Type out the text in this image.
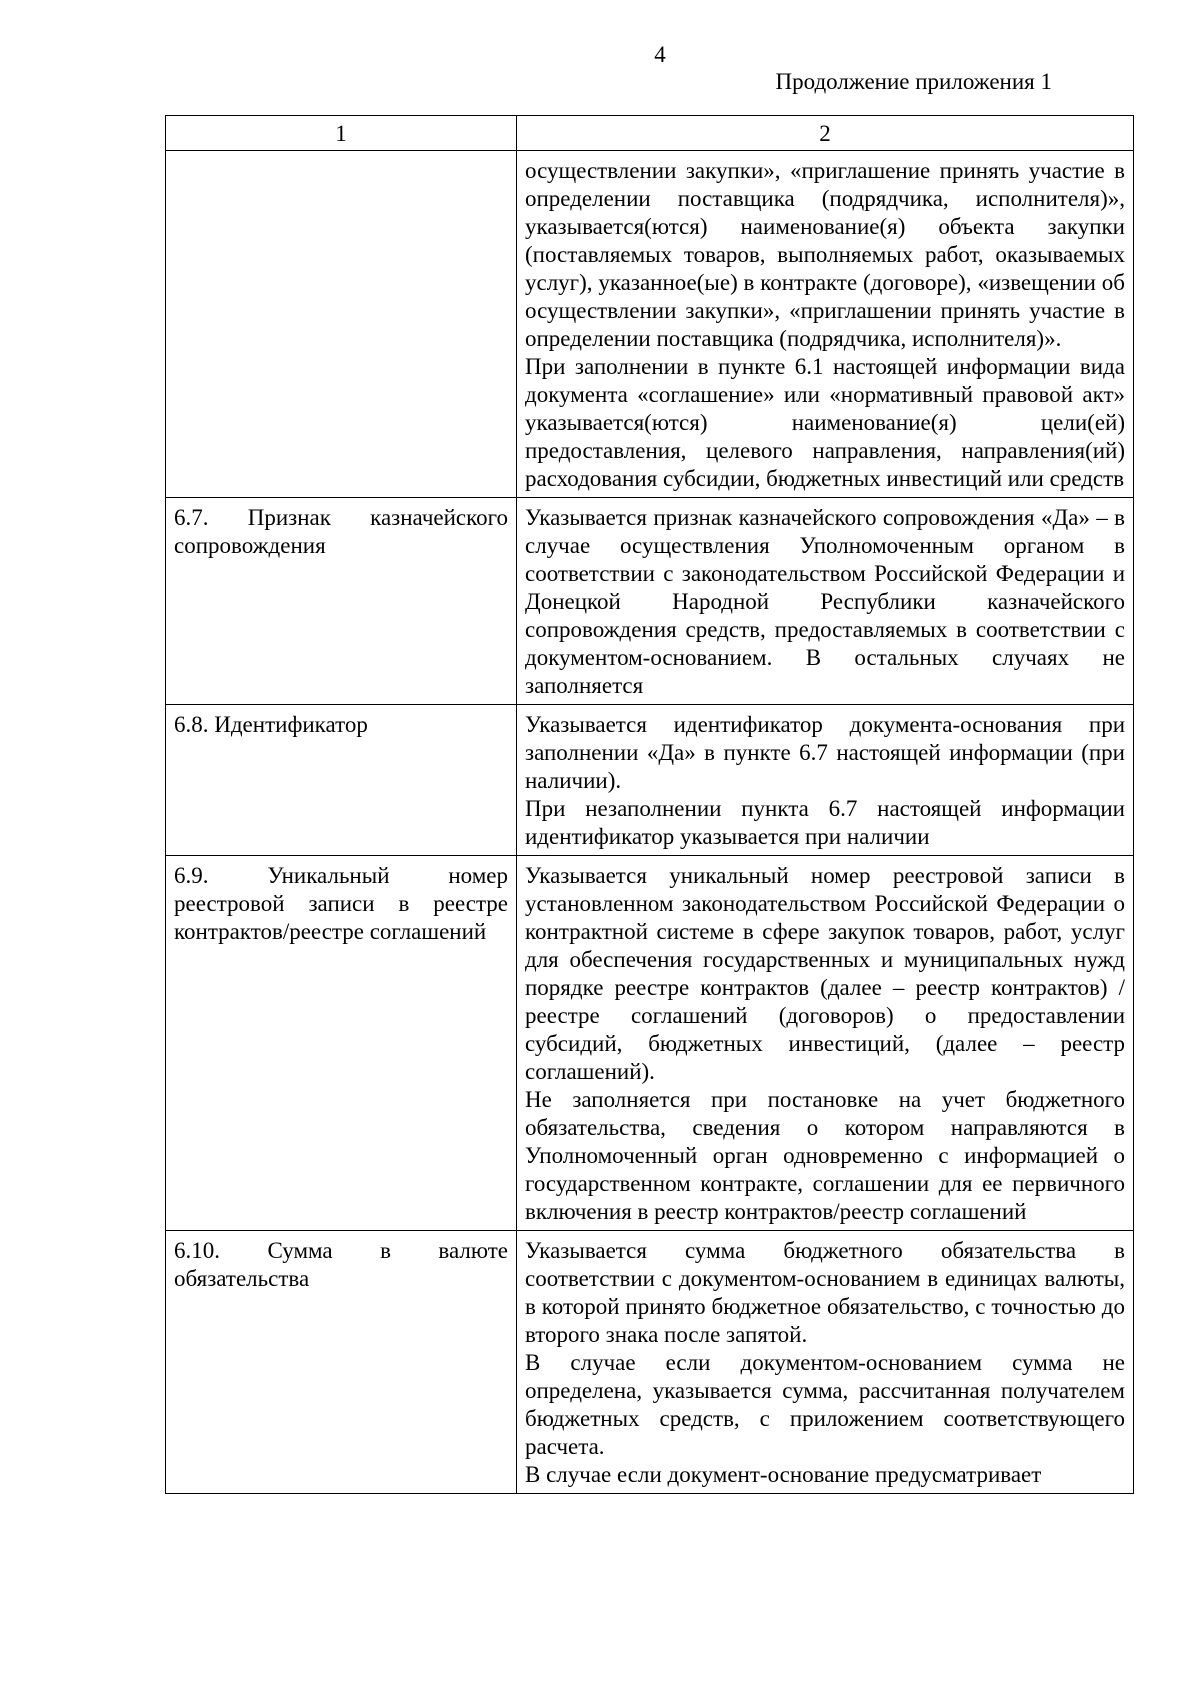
4
Продолжение приложения 1
1	2

	осуществлении закупки», «приглашение принять участие в определении поставщика (подрядчика, исполнителя)», указывается(ются) наименование(я) объекта закупки (поставляемых товаров, выполняемых работ, оказываемых услуг), указанное(ые) в контракте (договоре), «извещении об осуществлении закупки», «приглашении принять участие в определении поставщика (подрядчика, исполнителя)».

При заполнении в пункте 6.1 настоящей информации вида документа «соглашение» или «нормативный правовой акт» указывается(ются) наименование(я) цели(ей) предоставления, целевого направления, направления(ий) расходования субсидии, бюджетных инвестиций или средств

6.7. Признак казначейского сопровождения	Указывается признак казначейского сопровождения «Да» – в случае осуществления Уполномоченным органом в соответствии с законодательством Российской Федерации и Донецкой Народной Республики казначейского сопровождения средств, предоставляемых в соответствии с документом-основанием. В остальных случаях не заполняется

6.8. Идентификатор	Указывается идентификатор документа-основания при заполнении «Да» в пункте 6.7 настоящей информации (при наличии).

При незаполнении пункта 6.7 настоящей информации идентификатор указывается при наличии

6.9. Уникальный номер реестровой записи в реестре контрактов/реестре соглашений	Указывается уникальный номер реестровой записи в установленном законодательством Российской Федерации о контрактной системе в сфере закупок товаров, работ, услуг для обеспечения государственных и муниципальных нужд порядке реестре контрактов (далее – реестр контрактов) /реестре соглашений (договоров) о предоставлении субсидий, бюджетных инвестиций, (далее – реестр соглашений).

Не заполняется при постановке на учет бюджетного обязательства, сведения о котором направляются в Уполномоченный орган одновременно с информацией о государственном контракте, соглашении для ее первичного включения в реестр контрактов/реестр соглашений

6.10. Сумма в валюте обязательства	Указывается сумма бюджетного обязательства в соответствии с документом-основанием в единицах валюты, в которой принято бюджетное обязательство, с точностью до второго знака после запятой.

В случае если документом-основанием сумма не определена, указывается сумма, рассчитанная получателем бюджетных средств, с приложением соответствующего расчета.

В случае если документ-основание предусматривает
